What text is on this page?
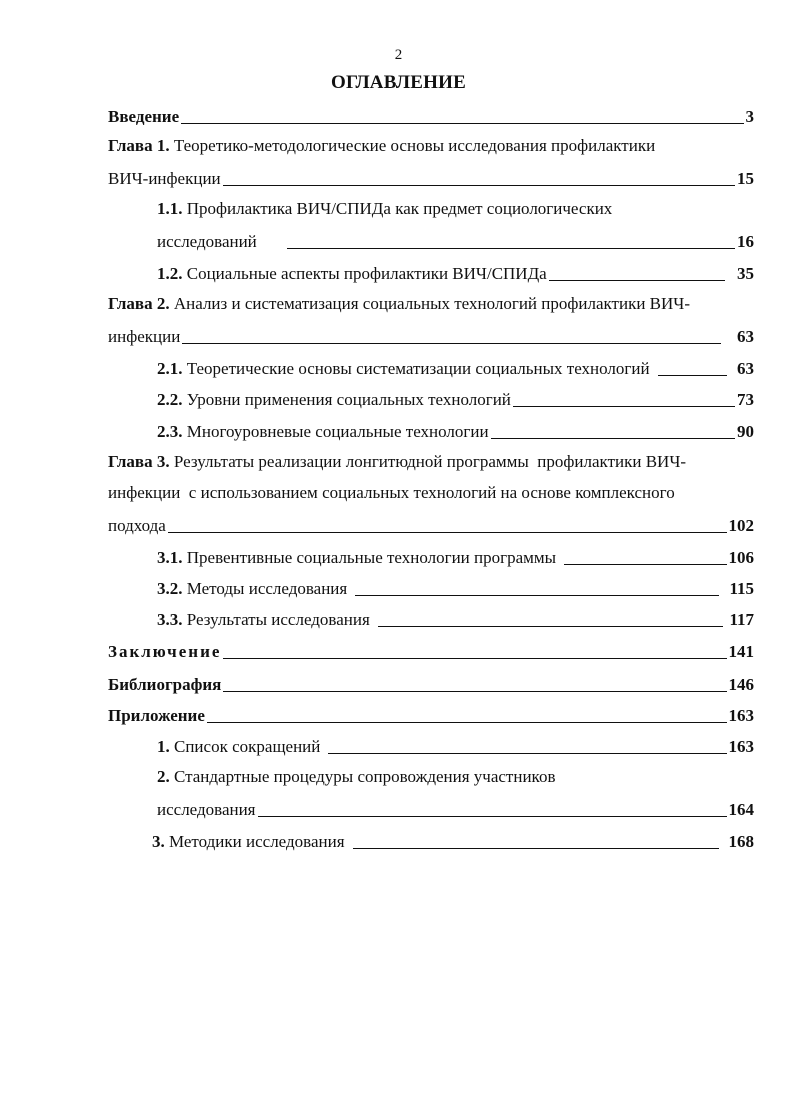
2
ОГЛАВЛЕНИЕ
Введение	3
Глава 1. Теоретико-методологические основы исследования профилактики
ВИЧ-инфекции	15
1.1. Профилактика ВИЧ/СПИДа как предмет социологических
исследований	16
1.2. Социальные аспекты профилактики ВИЧ/СПИДа	35
Глава 2. Анализ и систематизация социальных технологий профилактики ВИЧ-
инфекции	63
2.1. Теоретические основы систематизации социальных технологий	63
2.2. Уровни применения социальных технологий	73
2.3. Многоуровневые социальные технологии	90
Глава 3. Результаты реализации лонгитюдной программы  профилактики ВИЧ-
инфекции  с использованием социальных технологий на основе комплексного
подхода	102
3.1. Превентивные социальные технологии программы	106
3.2. Методы исследования	115
3.3. Результаты исследования	117
Заключение	141
Библиография	146
Приложение	163
1. Список сокращений	163
2. Стандартные процедуры сопровождения участников
исследования	164
3. Методики исследования	168
